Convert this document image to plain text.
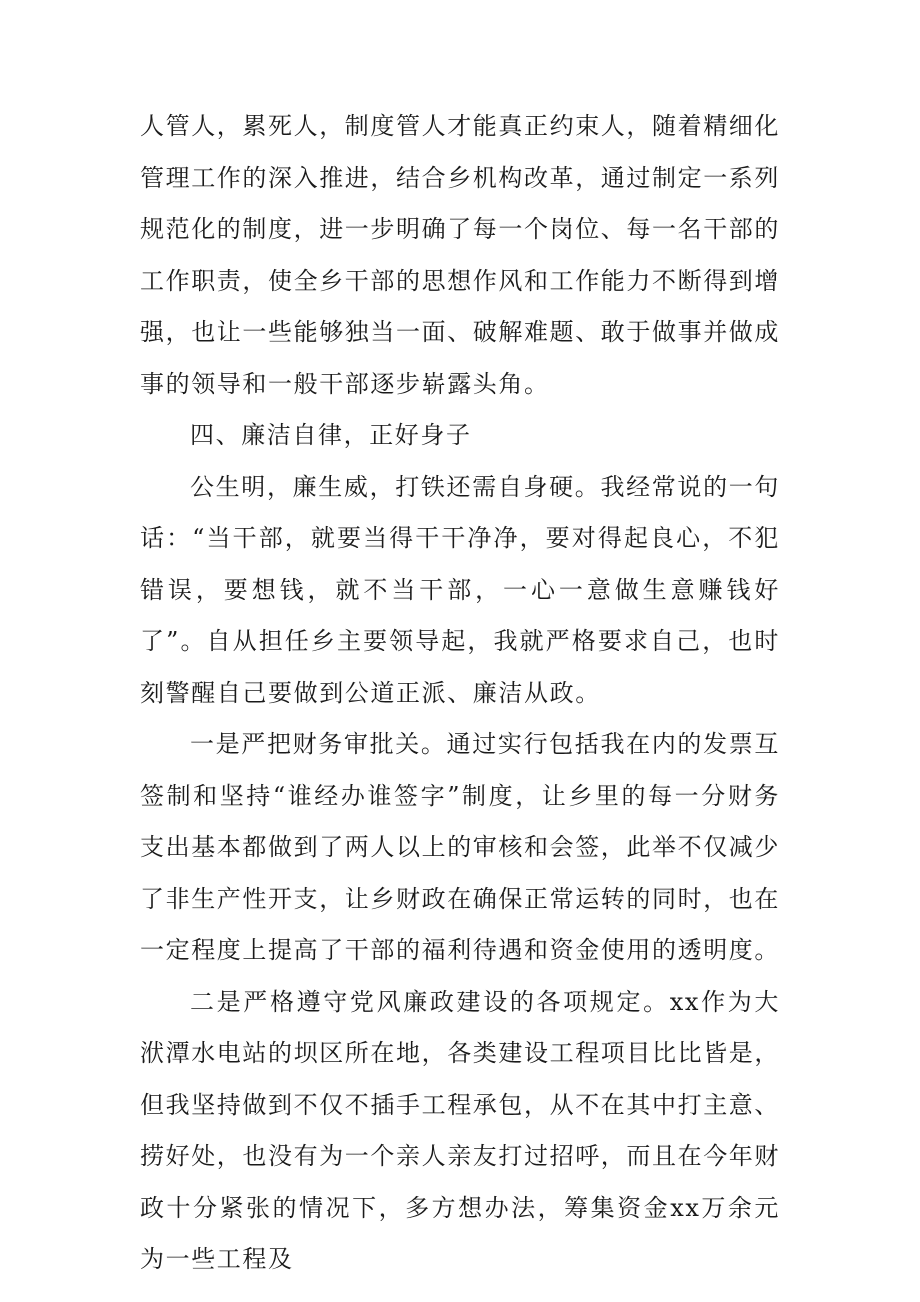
人管人，累死人，制度管人才能真正约束人，随着精细化管理工作的深入推进，结合乡机构改革，通过制定一系列规范化的制度，进一步明确了每一个岗位、每一名干部的工作职责，使全乡干部的思想作风和工作能力不断得到增强，也让一些能够独当一面、破解难题、敢于做事并做成事的领导和一般干部逐步崭露头角。

四、廉洁自律，正好身子

公生明，廉生威，打铁还需自身硬。我经常说的一句话：“当干部，就要当得干干净净，要对得起良心，不犯错误，要想钱，就不当干部，一心一意做生意赚钱好了”。自从担任乡主要领导起，我就严格要求自己，也时刻警醒自己要做到公道正派、廉洁从政。

一是严把财务审批关。通过实行包括我在内的发票互签制和坚持“谁经办谁签字”制度，让乡里的每一分财务支出基本都做到了两人以上的审核和会签，此举不仅减少了非生产性开支，让乡财政在确保正常运转的同时，也在一定程度上提高了干部的福利待遇和资金使用的透明度。

二是严格遵守党风廉政建设的各项规定。xx作为大洑潭水电站的坝区所在地，各类建设工程项目比比皆是，但我坚持做到不仅不插手工程承包，从不在其中打主意、捞好处，也没有为一个亲人亲友打过招呼，而且在今年财政十分紧张的情况下，多方想办法，筹集资金xx万余元为一些工程及
